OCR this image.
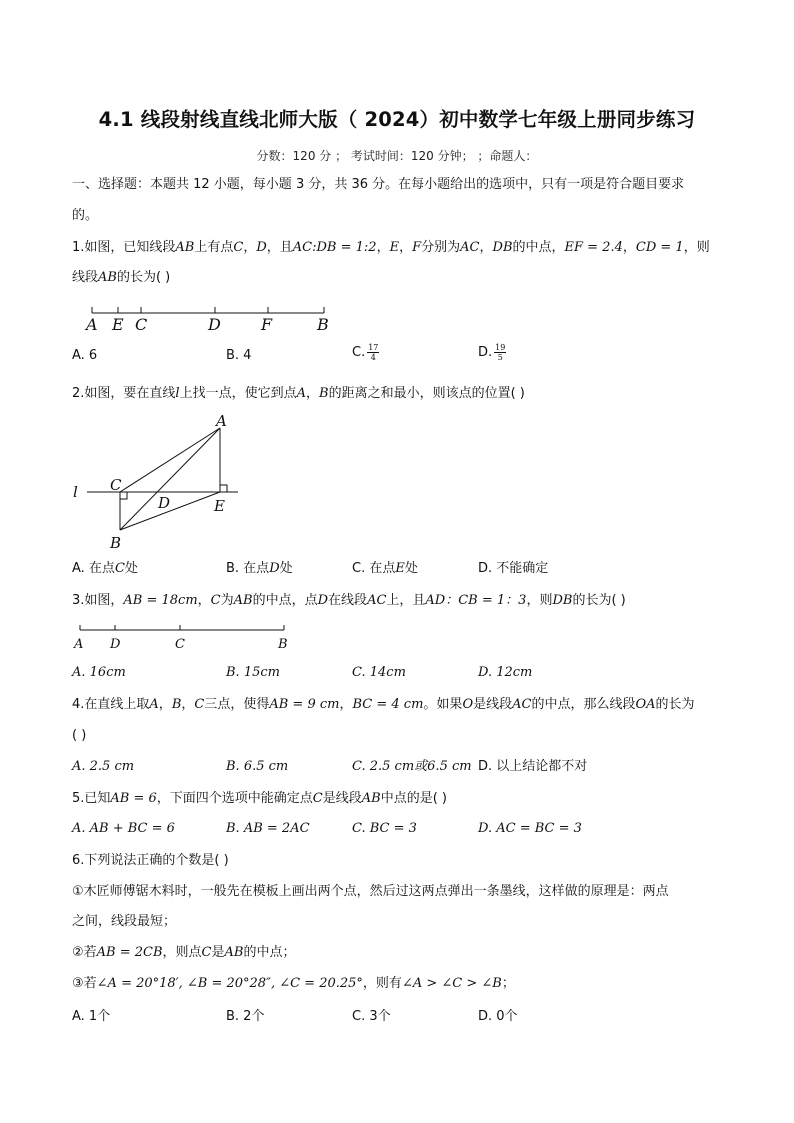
4.1 线段射线直线北师大版（ 2024）初中数学七年级上册同步练习
分数：120 分 ； 考试时间：120 分钟； ；命题人：
一、选择题：本题共 12 小题，每小题 3 分，共 36 分。在每小题给出的选项中，只有一项是符合题目要求
的。
1.如图，已知线段AB上有点C，D，且AC:DB = 1:2，E，F分别为AC，DB的中点，EF = 2.4，CD = 1，则
线段AB的长为( )
A E C	D	F	B
A. 6	B. 4	C. $\frac{17}{4}$	D. $\frac{19}{5}$
2.如图，要在直线l上找一点，使它到点A，B的距离之和最小，则该点的位置( )
A
C
D	E
B
l
A. 在点C处	B. 在点D处	C. 在点E处	D. 不能确定
3.如图，AB = 18cm，C为AB的中点，点D在线段AC上，且AD：CB = 1：3，则DB的长为( )
A D	C	B
A. 16cm	B. 15cm	C. 14cm	D. 12cm
4.在直线上取A，B，C三点，使得AB = 9 cm，BC = 4 cm。如果O是线段AC的中点，那么线段OA的长为
( )
A. 2.5 cm	B. 6.5 cm	C. 2.5 cm或6.5 cm D. 以上结论都不对
5.已知AB = 6，下面四个选项中能确定点C是线段AB中点的是( )
A. AB + BC = 6	B. AB = 2AC	C. BC = 3	D. AC = BC = 3
6.下列说法正确的个数是( )
①木匠师傅锯木料时，一般先在模板上画出两个点，然后过这两点弹出一条墨线，这样做的原理是：两点
之间，线段最短；
②若AB = 2CB，则点C是AB的中点；
③若∠A = 20°18′, ∠B = 20°28″, ∠C = 20.25°，则有∠A > ∠C > ∠B；
A. 1个	B. 2个	C. 3个	D. 0个
